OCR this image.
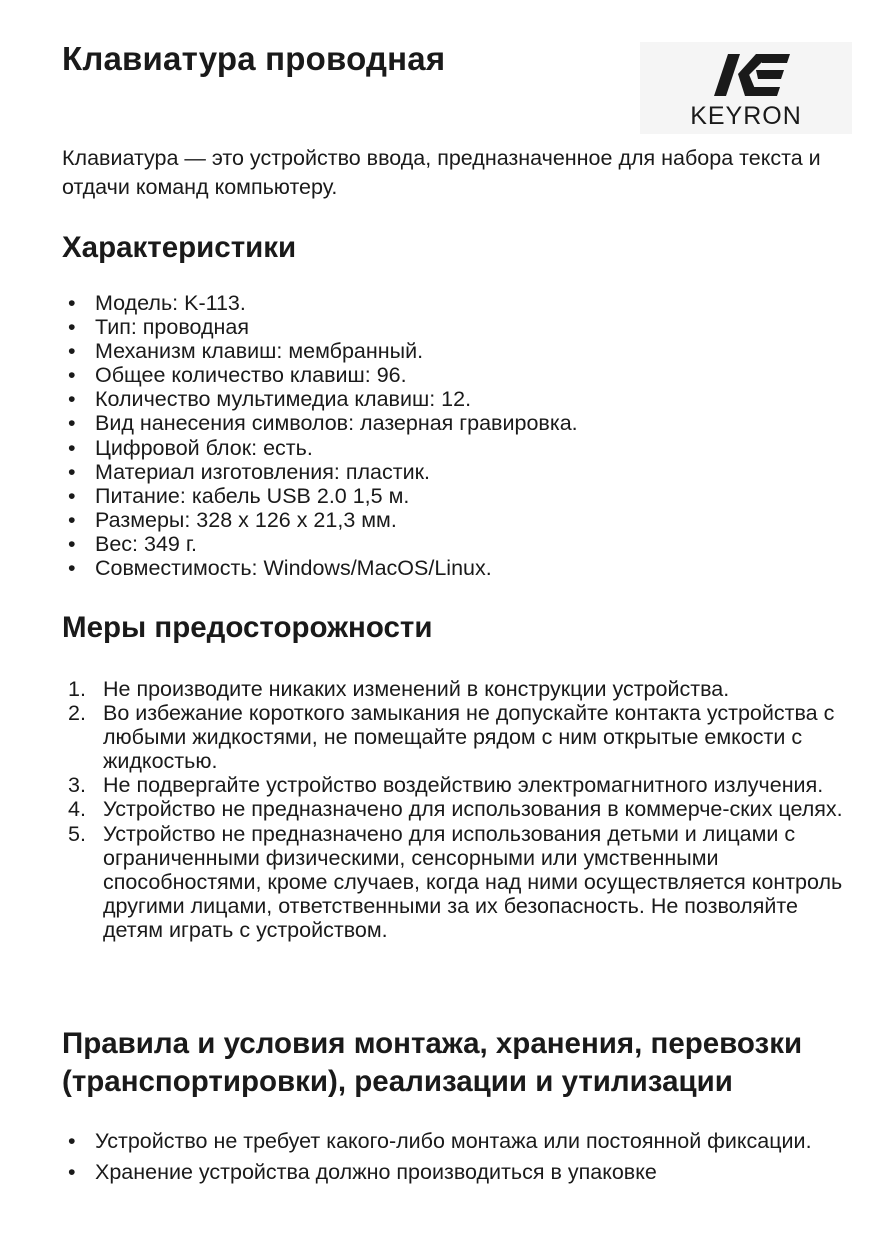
Клавиатура проводная
KEYRON

Клавиатура — это устройство ввода, предназначенное для набора текста и отдачи команд компьютеру.

Характеристики
• Модель: K-113.
• Тип: проводная
• Механизм клавиш: мембранный.
• Общее количество клавиш: 96.
• Количество мультимедиа клавиш: 12.
• Вид нанесения символов: лазерная гравировка.
• Цифровой блок: есть.
• Материал изготовления: пластик.
• Питание: кабель USB 2.0 1,5 м.
• Размеры: 328 x 126 x 21,3 мм.
• Вес: 349 г.
• Совместимость: Windows/MacOS/Linux.
Меры предосторожности
1. Не производите никаких изменений в конструкции устройства.
2. Во избежание короткого замыкания не допускайте контакта устройства с любыми жидкостями, не помещайте рядом с ним открытые емкости с жидкостью.
3. Не подвергайте устройство воздействию электромагнитного излучения.
4. Устройство не предназначено для использования в коммерче-ских целях.
5. Устройство не предназначено для использования детьми и лицами с ограниченными физическими, сенсорными или умственными способностями, кроме случаев, когда над ними осуществляется контроль другими лицами, ответственными за их безопасность. Не позволяйте детям играть с устройством.
Правила и условия монтажа, хранения, перевозки (транспортировки), реализации и утилизации
• Устройство не требует какого-либо монтажа или постоянной фиксации.
• Хранение устройства должно производиться в упаковке
